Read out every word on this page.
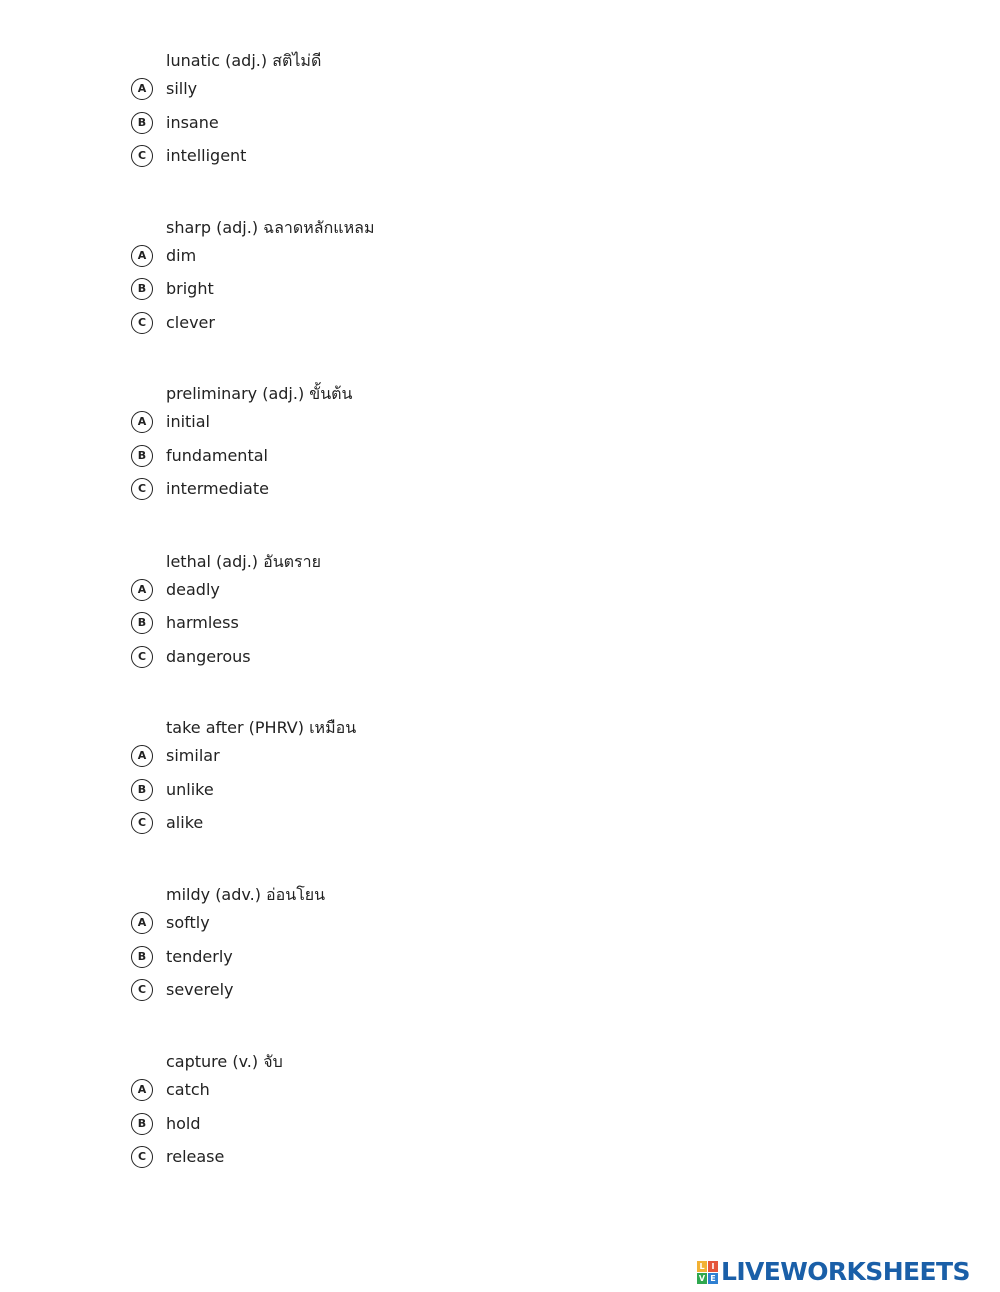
lunatic (adj.) สติไม่ดี
A	silly
B	insane
C	intelligent
sharp (adj.) ฉลาดหลักแหลม
A	dim
B	bright
C	clever
preliminary (adj.) ขั้นต้น
A	initial
B	fundamental
C	intermediate
lethal (adj.) อันตราย
A	deadly
B	harmless
C	dangerous
take after (PHRV) เหมือน
A	similar
B	unlike
C	alike
mildy (adv.) อ่อนโยน
A	softly
B	tenderly
C	severely
capture (v.) จับ
A	catch
B	hold
C	release
L I
V E LIVEWORKSHEETS
